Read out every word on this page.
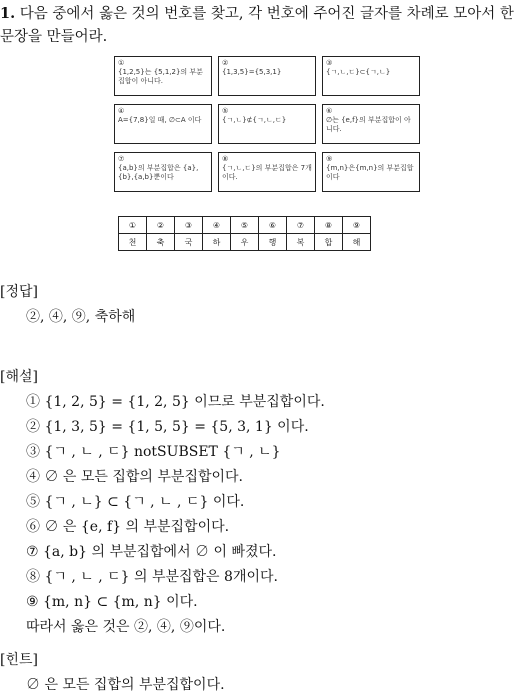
1. 다음 중에서 옳은 것의 번호를 찾고, 각 번호에 주어진 글자를 차례로 모아서 한 문장을 만들어라.
①
{1,2,5}는 {5,1,2}의 부분집합이 아니다.
②
{1,3,5}={5,3,1}
③
{ㄱ,ㄴ,ㄷ}⊂{ㄱ,ㄴ}
④
A={7,8}일 때, ∅⊂A 이다
⑤
{ㄱ,ㄴ}⊄{ㄱ,ㄴ,ㄷ}
⑥
∅는 {e,f}의 부분집합이 아니다.
⑦
{a,b}의 부분집합은 {a},{b},{a,b}뿐이다
⑧
{ㄱ,ㄴ,ㄷ}의 부분집합은 7개이다.
⑨
{m,n}은{m,n}의 부분집합이다
①	②	③	④	⑤	⑥	⑦	⑧	⑨
천	축	국	하	우	행	복	합	해
[정답]
②, ④, ⑨, 축하해
[해설]
① {1, 2, 5} = {1, 2, 5} 이므로 부분집합이다.
② {1, 3, 5} = {1, 5, 5} = {5, 3, 1} 이다.
③ {ㄱ , ㄴ , ㄷ} notSUBSET {ㄱ , ㄴ}
④ ∅ 은 모든 집합의 부분집합이다.
⑤ {ㄱ , ㄴ} ⊂ {ㄱ , ㄴ , ㄷ} 이다.
⑥ ∅ 은 {e, f} 의 부분집합이다.
⑦ {a, b} 의 부분집합에서 ∅ 이 빠졌다.
⑧ {ㄱ , ㄴ , ㄷ} 의 부분집합은 8개이다.
⑨ {m, n} ⊂ {m, n} 이다.
따라서 옳은 것은 ②, ④, ⑨이다.
[힌트]
∅ 은 모든 집합의 부분집합이다.
